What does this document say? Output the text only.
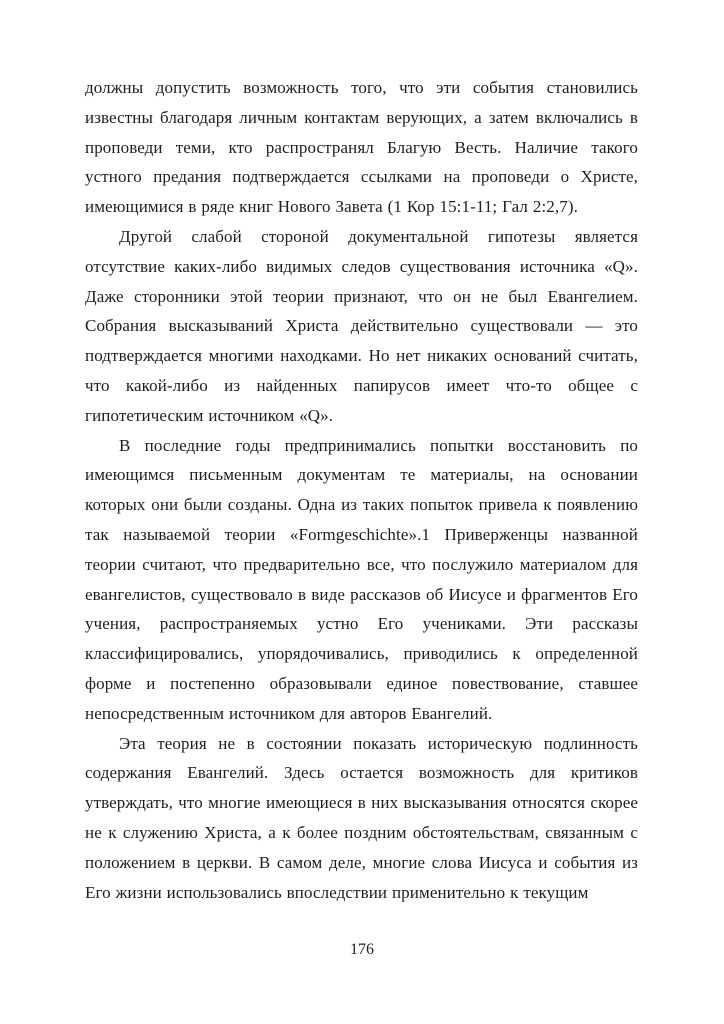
должны допустить возможность того, что эти события становились известны благодаря личным контактам верующих, а затем включались в проповеди теми, кто распространял Благую Весть. Наличие такого устного предания подтверждается ссылками на проповеди о Христе, имеющимися в ряде книг Нового Завета (1 Кор 15:1-11; Гал 2:2,7).

Другой слабой стороной документальной гипотезы является отсутствие каких-либо видимых следов существования источника «Q». Даже сторонники этой теории признают, что он не был Евангелием. Собрания высказываний Христа действительно существовали — это подтверждается многими находками. Но нет никаких оснований считать, что какой-либо из найденных папирусов имеет что-то общее с гипотетическим источником «Q».

В последние годы предпринимались попытки восстановить по имеющимся письменным документам те материалы, на основании которых они были созданы. Одна из таких попыток привела к появлению так называемой теории «Formgeschichte».1 Приверженцы названной теории считают, что предварительно все, что послужило материалом для евангелистов, существовало в виде рассказов об Иисусе и фрагментов Его учения, распространяемых устно Его учениками. Эти рассказы классифицировались, упорядочивались, приводились к определенной форме и постепенно образовывали единое повествование, ставшее непосредственным источником для авторов Евангелий.

Эта теория не в состоянии показать историческую подлинность содержания Евангелий. Здесь остается возможность для критиков утверждать, что многие имеющиеся в них высказывания относятся скорее не к служению Христа, а к более поздним обстоятельствам, связанным с положением в церкви. В самом деле, многие слова Иисуса и события из Его жизни использовались впоследствии применительно к текущим

176
